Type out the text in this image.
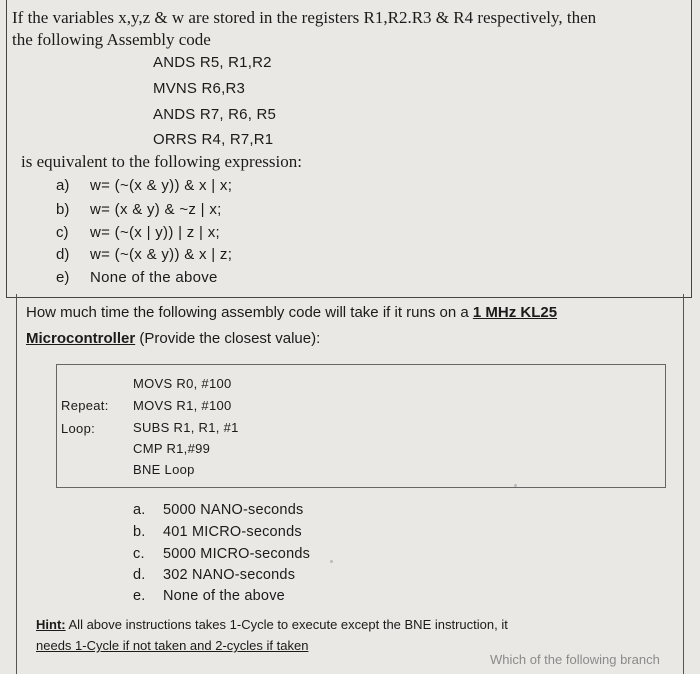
If the variables x,y,z & w are stored in the registers R1,R2.R3 & R4 respectively, then
the following Assembly code
ANDS R5, R1,R2
MVNS R6,R3
ANDS R7, R6, R5
ORRS R4, R7,R1
is equivalent to the following expression:
a) w= (~(x & y)) & x | x;
b) w= (x & y) & ~z | x;
c) w= (~(x | y)) | z | x;
d) w= (~(x & y)) & x | z;
e) None of the above
How much time the following assembly code will take if it runs on a 1 MHz KL25
Microcontroller (Provide the closest value):
MOVS R0, #100
Repeat: MOVS R1, #100
Loop:	SUBS R1, R1, #1
CMP R1,#99
BNE Loop
a. 5000 NANO-seconds
b. 401 MICRO-seconds
c. 5000 MICRO-seconds
d. 302 NANO-seconds
e. None of the above
Hint: All above instructions takes 1-Cycle to execute except the BNE instruction, it
needs 1-Cycle if not taken and 2-cycles if taken
Which of the following branch
